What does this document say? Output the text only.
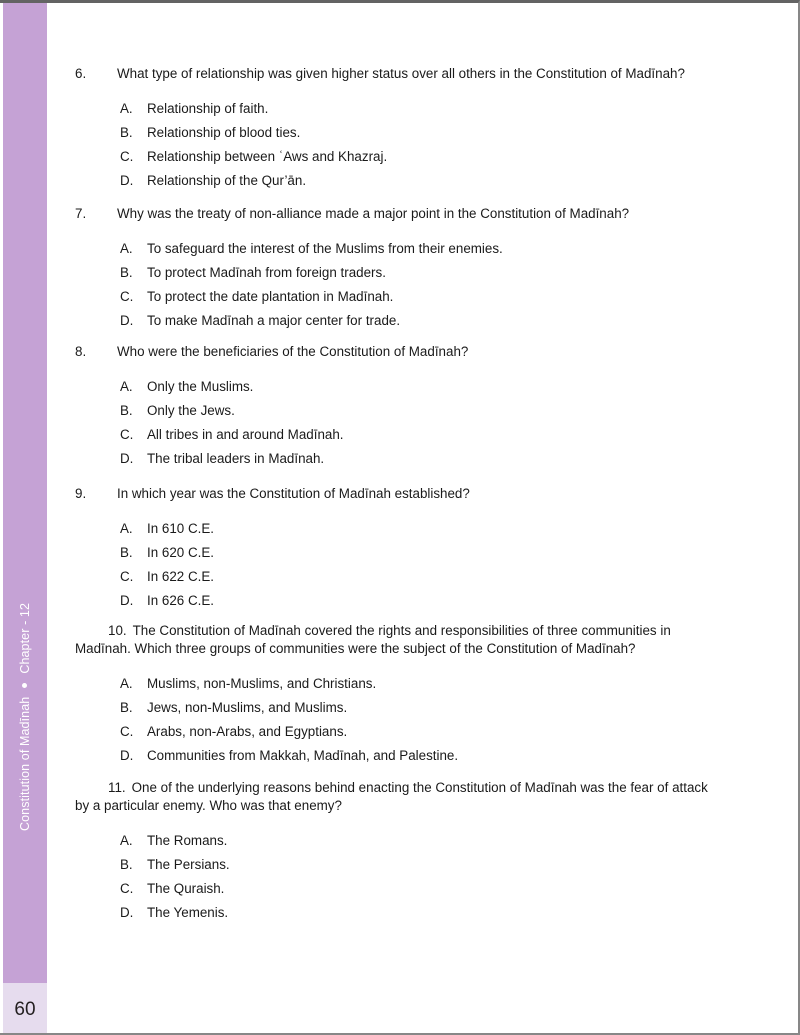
Constitution of Madīnah
Chapter - 12
60

6. What type of relationship was given higher status over all others in the Constitution of Madīnah?

A.	Relationship of faith.
B.	Relationship of blood ties.
C.	Relationship between ʿAws and Khazraj.
D.	Relationship of the Qur’ān.

7. Why was the treaty of non-alliance made a major point in the Constitution of Madīnah?

A.	To safeguard the interest of the Muslims from their enemies.
B.	To protect Madīnah from foreign traders.
C.	To protect the date plantation in Madīnah.
D.	To make Madīnah a major center for trade.

8. Who were the beneficiaries of the Constitution of Madīnah?

A.	Only the Muslims.
B.	Only the Jews.
C.	All tribes in and around Madīnah.
D.	The tribal leaders in Madīnah.

9. In which year was the Constitution of Madīnah established?

A.	In 610 C.E.
B.	In 620 C.E.
C.	In 622 C.E.
D.	In 626 C.E.

10. The Constitution of Madīnah covered the rights and responsibilities of three communities in Madīnah. Which three groups of communities were the subject of the Constitution of Madīnah?

A.	Muslims, non-Muslims, and Christians.
B.	Jews, non-Muslims, and Muslims.
C.	Arabs, non-Arabs, and Egyptians.
D.	Communities from Makkah, Madīnah, and Palestine.

11. One of the underlying reasons behind enacting the Constitution of Madīnah was the fear of attack by a particular enemy. Who was that enemy?

A.	The Romans.
B.	The Persians.
C.	The Quraish.
D.	The Yemenis.
